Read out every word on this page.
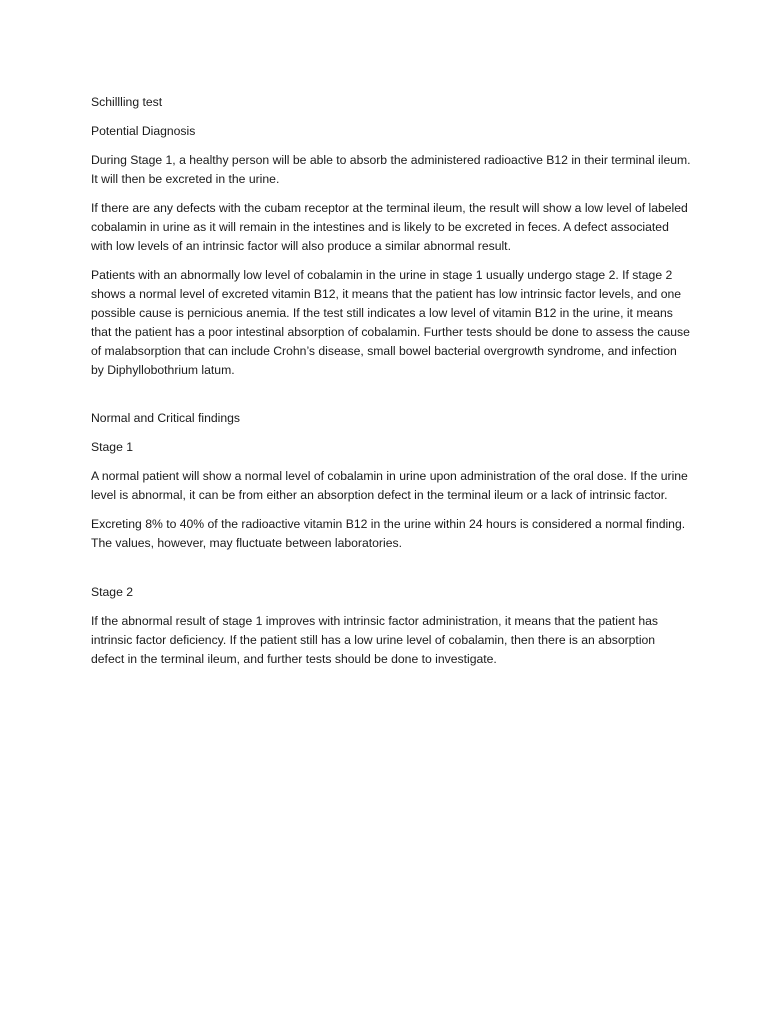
Schillling test

Potential Diagnosis

During Stage 1, a healthy person will be able to absorb the administered radioactive B12 in their terminal ileum. It will then be excreted in the urine.

If there are any defects with the cubam receptor at the terminal ileum, the result will show a low level of labeled cobalamin in urine as it will remain in the intestines and is likely to be excreted in feces. A defect associated with low levels of an intrinsic factor will also produce a similar abnormal result.

Patients with an abnormally low level of cobalamin in the urine in stage 1 usually undergo stage 2. If stage 2 shows a normal level of excreted vitamin B12, it means that the patient has low intrinsic factor levels, and one possible cause is pernicious anemia. If the test still indicates a low level of vitamin B12 in the urine, it means that the patient has a poor intestinal absorption of cobalamin. Further tests should be done to assess the cause of malabsorption that can include Crohn’s disease, small bowel bacterial overgrowth syndrome, and infection by Diphyllobothrium latum.

Normal and Critical findings

Stage 1

A normal patient will show a normal level of cobalamin in urine upon administration of the oral dose. If the urine level is abnormal, it can be from either an absorption defect in the terminal ileum or a lack of intrinsic factor.

Excreting 8% to 40% of the radioactive vitamin B12 in the urine within 24 hours is considered a normal finding. The values, however, may fluctuate between laboratories.

Stage 2

If the abnormal result of stage 1 improves with intrinsic factor administration, it means that the patient has intrinsic factor deficiency. If the patient still has a low urine level of cobalamin, then there is an absorption defect in the terminal ileum, and further tests should be done to investigate.
